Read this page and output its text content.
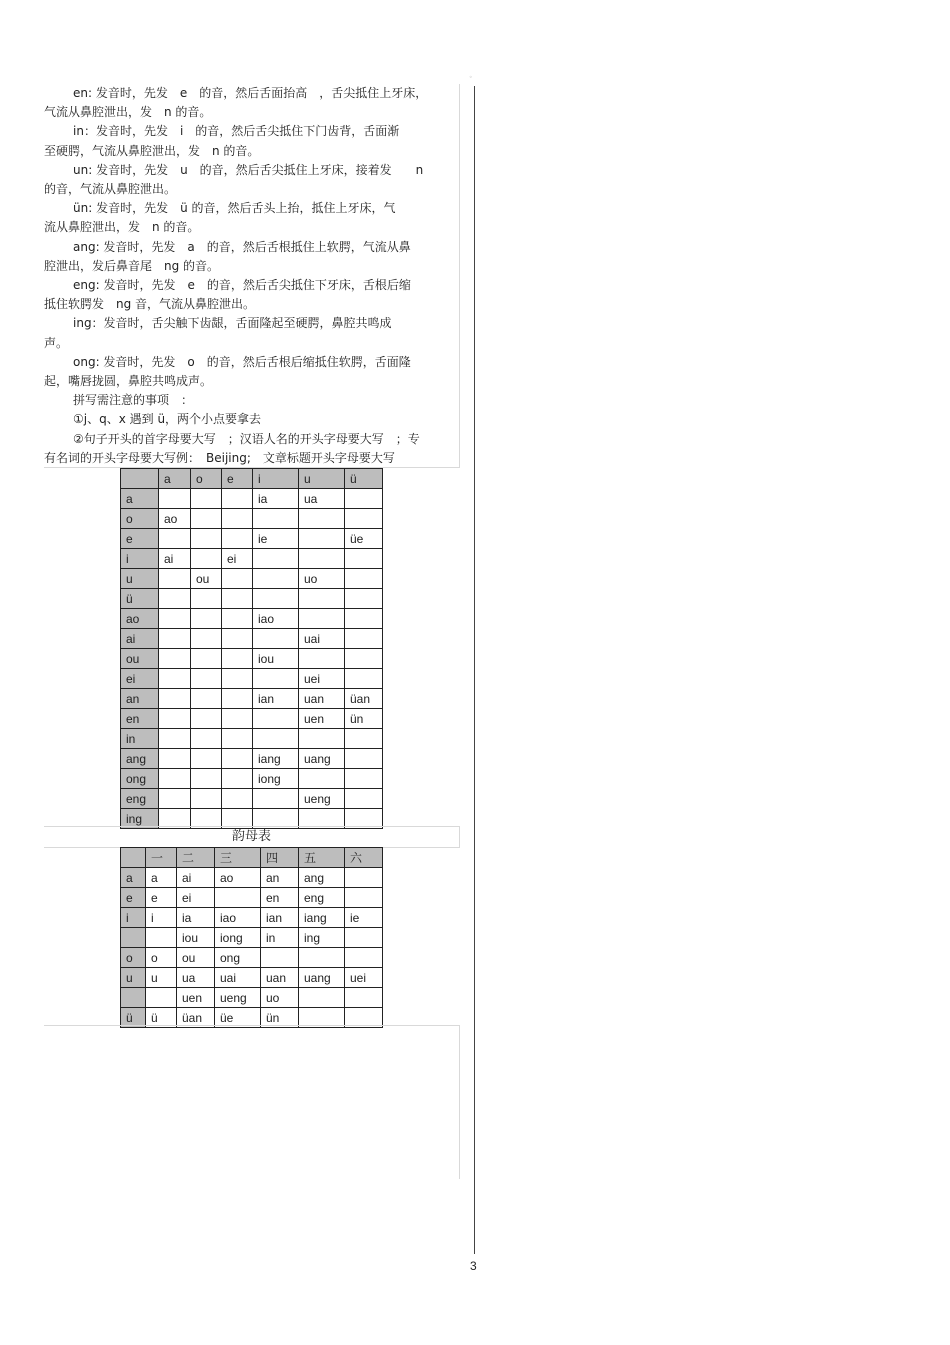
◦

en: 发音时，先发　e　的音，然后舌面抬高　，舌尖抵住上牙床，

气流从鼻腔泄出，发　n 的音。

in：发音时，先发　i　的音，然后舌尖抵住下门齿背，舌面渐

至硬腭，气流从鼻腔泄出，发　n 的音。

un: 发音时，先发　u　的音，然后舌尖抵住上牙床，接着发　　n

的音，气流从鼻腔泄出。

ün: 发音时，先发　ü 的音，然后舌头上抬，抵住上牙床，气

流从鼻腔泄出，发　n 的音。

ang: 发音时，先发　a　的音，然后舌根抵住上软腭，气流从鼻

腔泄出，发后鼻音尾　ng 的音。

eng: 发音时，先发　e　的音，然后舌尖抵住下牙床，舌根后缩

抵住软腭发　ng 音，气流从鼻腔泄出。

ing：发音时，舌尖触下齿龈，舌面隆起至硬腭，鼻腔共鸣成

声。

ong: 发音时，先发　o　的音，然后舌根后缩抵住软腭，舌面隆

起，嘴唇拢圆，鼻腔共鸣成声。

拼写需注意的事项　：

①j、q、x 遇到 ü，两个小点要拿去

②句子开头的首字母要大写　；汉语人名的开头字母要大写　；专

有名词的开头字母要大写例：　Beijing;　文章标题开头字母要大写

	a	o	e	i	u	ü
a				ia	ua	
o	ao					
e				ie		üe
i	ai		ei			
u		ou			uo	
ü						
ao				iao		
ai					uai	
ou				iou		
ei					uei	
an				ian	uan	üan
en					uen	ün
in						
ang				iang	uang	
ong				iong		
eng					ueng	
ing						
韵母表
	一	二	三	四	五	六
a	a	ai	ao	an	ang	
e	e	ei		en	eng	
i	i	ia	iao	ian	iang	ie
		iou	iong	in	ing	
o	o	ou	ong			
u	u	ua	uai	uan	uang	uei
		uen	ueng	uo		
ü	ü	üan	üe	ün		
3
